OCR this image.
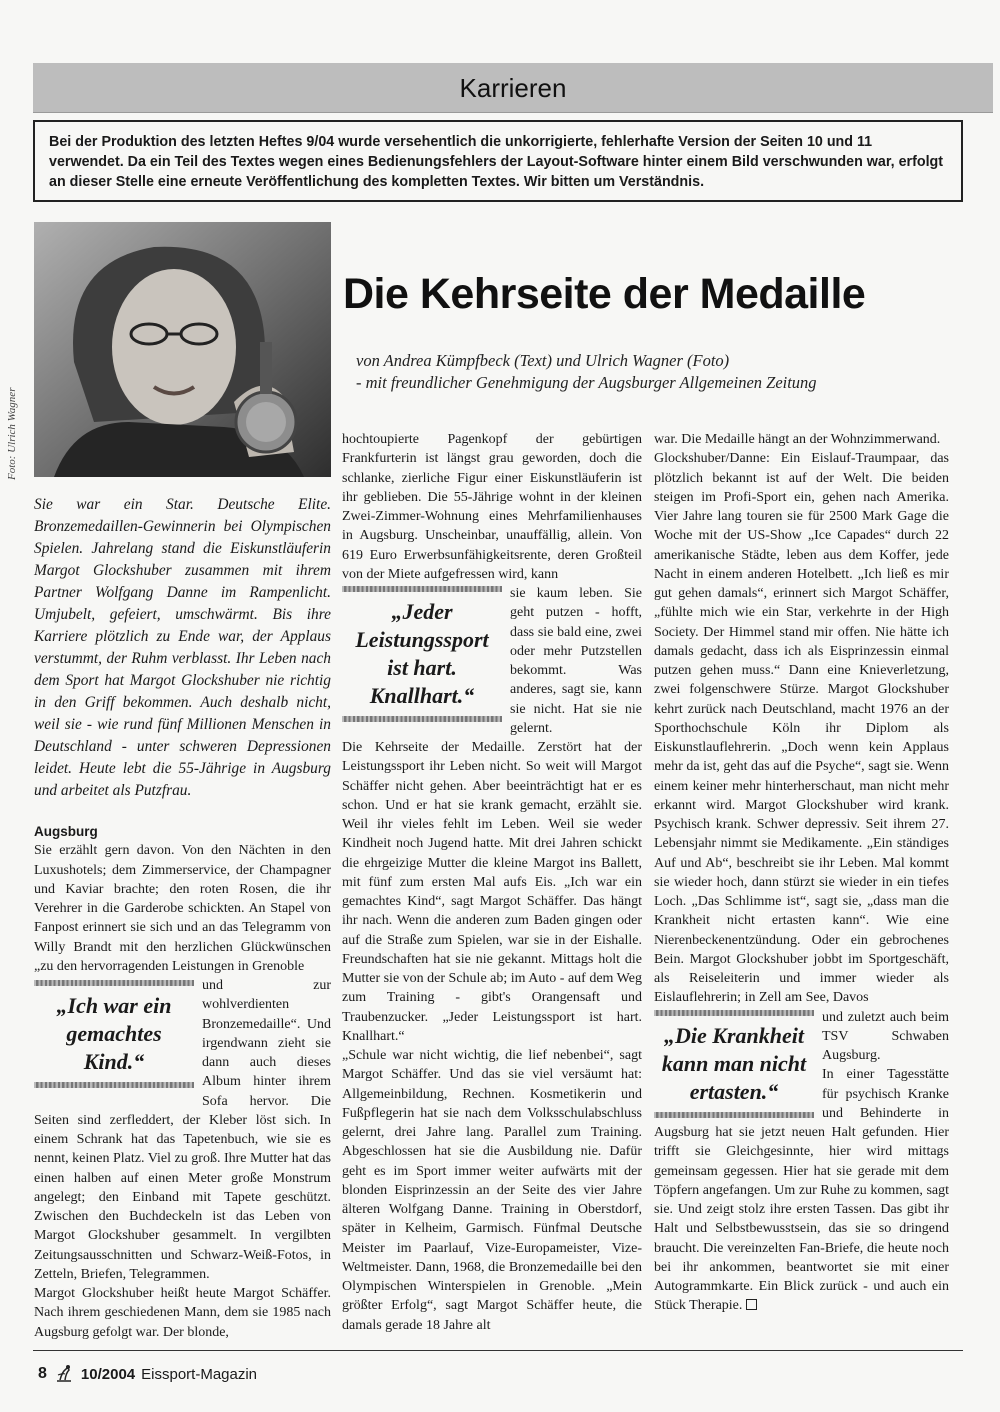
Karrieren
Bei der Produktion des letzten Heftes 9/04 wurde versehentlich die unkorrigierte, fehlerhafte Version der Seiten 10 und 11 verwendet. Da ein Teil des Textes wegen eines Bedienungsfehlers der Layout-Software hinter einem Bild verschwunden war, erfolgt an dieser Stelle eine erneute Veröffentlichung des kompletten Textes. Wir bitten um Verständnis.
Foto: Ulrich Wagner
Die Kehrseite der Medaille
von Andrea Kümpfbeck (Text) und Ulrich Wagner (Foto)
- mit freundlicher Genehmigung der Augsburger Allgemeinen Zeitung
Sie war ein Star. Deutsche Elite. Bronzemedaillen-Gewinnerin bei Olympischen Spielen. Jahrelang stand die Eiskunstläuferin Margot Glockshuber zusammen mit ihrem Partner Wolfgang Danne im Rampenlicht. Umjubelt, gefeiert, umschwärmt. Bis ihre Karriere plötzlich zu Ende war, der Applaus verstummt, der Ruhm verblasst. Ihr Leben nach dem Sport hat Margot Glockshuber nie richtig in den Griff bekommen. Auch deshalb nicht, weil sie - wie rund fünf Millionen Menschen in Deutschland - unter schweren Depressionen leidet. Heute lebt die 55-Jährige in Augsburg und arbeitet als Putzfrau.

Augsburg

Sie erzählt gern davon. Von den Nächten in den Luxushotels; dem Zimmerservice, der Champagner und Kaviar brachte; den roten Rosen, die ihr Verehrer in die Garderobe schickten. An Stapel von Fanpost erinnert sie sich und an das Telegramm von Willy Brandt mit den herzlichen Glückwünschen „zu den hervorragenden Leistungen in Grenoble

„Ich war ein gemachtes Kind.“

und zur wohlverdienten Bronzemedaille“. Und irgendwann zieht sie dann auch dieses Album hinter ihrem Sofa hervor. Die Seiten sind zerfleddert, der Kleber löst sich. In einem Schrank hat das Tapetenbuch, wie sie es nennt, keinen Platz. Viel zu groß. Ihre Mutter hat das einen halben auf einen Meter große Monstrum angelegt; den Einband mit Tapete geschützt. Zwischen den Buchdeckeln ist das Leben von Margot Glockshuber gesammelt. In vergilbten Zeitungsausschnitten und Schwarz-Weiß-Fotos, in Zetteln, Briefen, Telegrammen.

Margot Glockshuber heißt heute Margot Schäffer. Nach ihrem geschiedenen Mann, dem sie 1985 nach Augsburg gefolgt war. Der blonde,

hochtoupierte Pagenkopf der gebürtigen Frankfurterin ist längst grau geworden, doch die schlanke, zierliche Figur einer Eiskunstläuferin ist ihr geblieben. Die 55-Jährige wohnt in der kleinen Zwei-Zimmer-Wohnung eines Mehrfamilienhauses in Augsburg. Unscheinbar, unauffällig, allein. Von 619 Euro Erwerbsunfähigkeitsrente, deren Großteil von der Miete aufgefressen wird, kann

„Jeder Leistungssport ist hart. Knallhart.“

sie kaum leben. Sie geht putzen - hofft, dass sie bald eine, zwei oder mehr Putzstellen bekommt. Was anderes, sagt sie, kann sie nicht. Hat sie nie gelernt.

Die Kehrseite der Medaille. Zerstört hat der Leistungssport ihr Leben nicht. So weit will Margot Schäffer nicht gehen. Aber beeinträchtigt hat er es schon. Und er hat sie krank gemacht, erzählt sie. Weil ihr vieles fehlt im Leben. Weil sie weder Kindheit noch Jugend hatte. Mit drei Jahren schickt die ehrgeizige Mutter die kleine Margot ins Ballett, mit fünf zum ersten Mal aufs Eis. „Ich war ein gemachtes Kind“, sagt Margot Schäffer. Das hängt ihr nach. Wenn die anderen zum Baden gingen oder auf die Straße zum Spielen, war sie in der Eishalle. Freundschaften hat sie nie gekannt. Mittags holt die Mutter sie von der Schule ab; im Auto - auf dem Weg zum Training - gibt's Orangensaft und Traubenzucker. „Jeder Leistungssport ist hart. Knallhart.“

„Schule war nicht wichtig, die lief nebenbei“, sagt Margot Schäffer. Und das sie viel versäumt hat: Allgemeinbildung, Rechnen. Kosmetikerin und Fußpflegerin hat sie nach dem Volksschulabschluss gelernt, drei Jahre lang. Parallel zum Training. Abgeschlossen hat sie die Ausbildung nie. Dafür geht es im Sport immer weiter aufwärts mit der blonden Eisprinzessin an der Seite des vier Jahre älteren Wolfgang Danne. Training in Oberstdorf, später in Kelheim, Garmisch. Fünfmal Deutsche Meister im Paarlauf, Vize-Europameister, Vize-Weltmeister. Dann, 1968, die Bronzemedaille bei den Olympischen Winterspielen in Grenoble. „Mein größter Erfolg“, sagt Margot Schäffer heute, die damals gerade 18 Jahre alt

war. Die Medaille hängt an der Wohnzimmerwand.

Glockshuber/Danne: Ein Eislauf-Traumpaar, das plötzlich bekannt ist auf der Welt. Die beiden steigen im Profi-Sport ein, gehen nach Amerika. Vier Jahre lang touren sie für 2500 Mark Gage die Woche mit der US-Show „Ice Capades“ durch 22 amerikanische Städte, leben aus dem Koffer, jede Nacht in einem anderen Hotelbett. „Ich ließ es mir gut gehen damals“, erinnert sich Margot Schäffer, „fühlte mich wie ein Star, verkehrte in der High Society. Der Himmel stand mir offen. Nie hätte ich damals gedacht, dass ich als Eisprinzessin einmal putzen gehen muss.“ Dann eine Knieverletzung, zwei folgenschwere Stürze. Margot Glockshuber kehrt zurück nach Deutschland, macht 1976 an der Sporthochschule Köln ihr Diplom als Eiskunstlauflehrerin. „Doch wenn kein Applaus mehr da ist, geht das auf die Psyche“, sagt sie. Wenn einem keiner mehr hinterherschaut, man nicht mehr erkannt wird. Margot Glockshuber wird krank. Psychisch krank. Schwer depressiv. Seit ihrem 27. Lebensjahr nimmt sie Medikamente. „Ein ständiges Auf und Ab“, beschreibt sie ihr Leben. Mal kommt sie wieder hoch, dann stürzt sie wieder in ein tiefes Loch. „Das Schlimme ist“, sagt sie, „dass man die Krankheit nicht ertasten kann“. Wie eine Nierenbeckenentzündung. Oder ein gebrochenes Bein. Margot Glockshuber jobbt im Sportgeschäft, als Reiseleiterin und immer wieder als Eislauflehrerin; in Zell am See, Davos

„Die Krankheit kann man nicht ertasten.“

und zuletzt auch beim TSV Schwaben Augsburg.

In einer Tagesstätte für psychisch Kranke und Behinderte in Augsburg hat sie jetzt neuen Halt gefunden. Hier trifft sie Gleichgesinnte, hier wird mittags gemeinsam gegessen. Hier hat sie gerade mit dem Töpfern angefangen. Um zur Ruhe zu kommen, sagt sie. Und zeigt stolz ihre ersten Tassen. Das gibt ihr Halt und Selbstbewusstsein, das sie so dringend braucht. Die vereinzelten Fan-Briefe, die heute noch bei ihr ankommen, beantwortet sie mit einer Autogrammkarte. Ein Blick zurück - und auch ein Stück Therapie.

8 10/2004 Eissport-Magazin
